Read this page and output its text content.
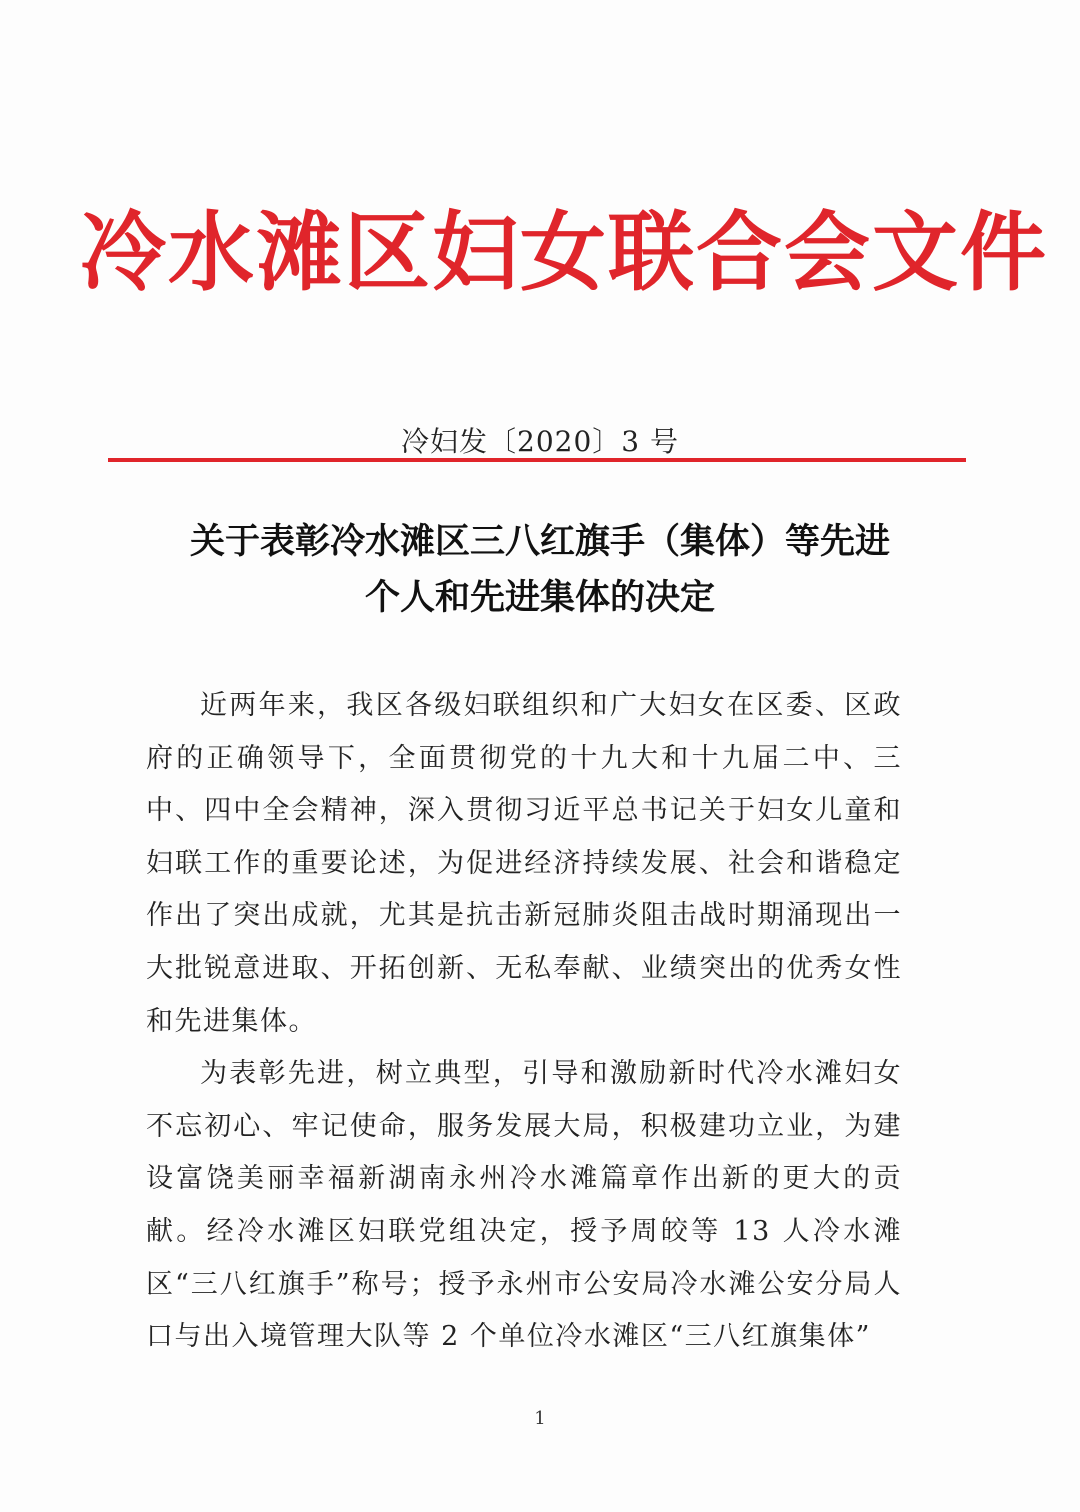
冷水滩区妇女联合会文件
冷妇发〔2020〕3 号
关于表彰冷水滩区三八红旗手（集体）等先进
个人和先进集体的决定

近两年来，我区各级妇联组织和广大妇女在区委、区政府的正确领导下，全面贯彻党的十九大和十九届二中、三中、四中全会精神，深入贯彻习近平总书记关于妇女儿童和妇联工作的重要论述，为促进经济持续发展、社会和谐稳定作出了突出成就，尤其是抗击新冠肺炎阻击战时期涌现出一大批锐意进取、开拓创新、无私奉献、业绩突出的优秀女性和先进集体。

为表彰先进，树立典型，引导和激励新时代冷水滩妇女不忘初心、牢记使命，服务发展大局，积极建功立业，为建设富饶美丽幸福新湖南永州冷水滩篇章作出新的更大的贡献。经冷水滩区妇联党组决定，授予周皎等 13 人冷水滩区“三八红旗手”称号；授予永州市公安局冷水滩公安分局人口与出入境管理大队等 2 个单位冷水滩区“三八红旗集体”

1
